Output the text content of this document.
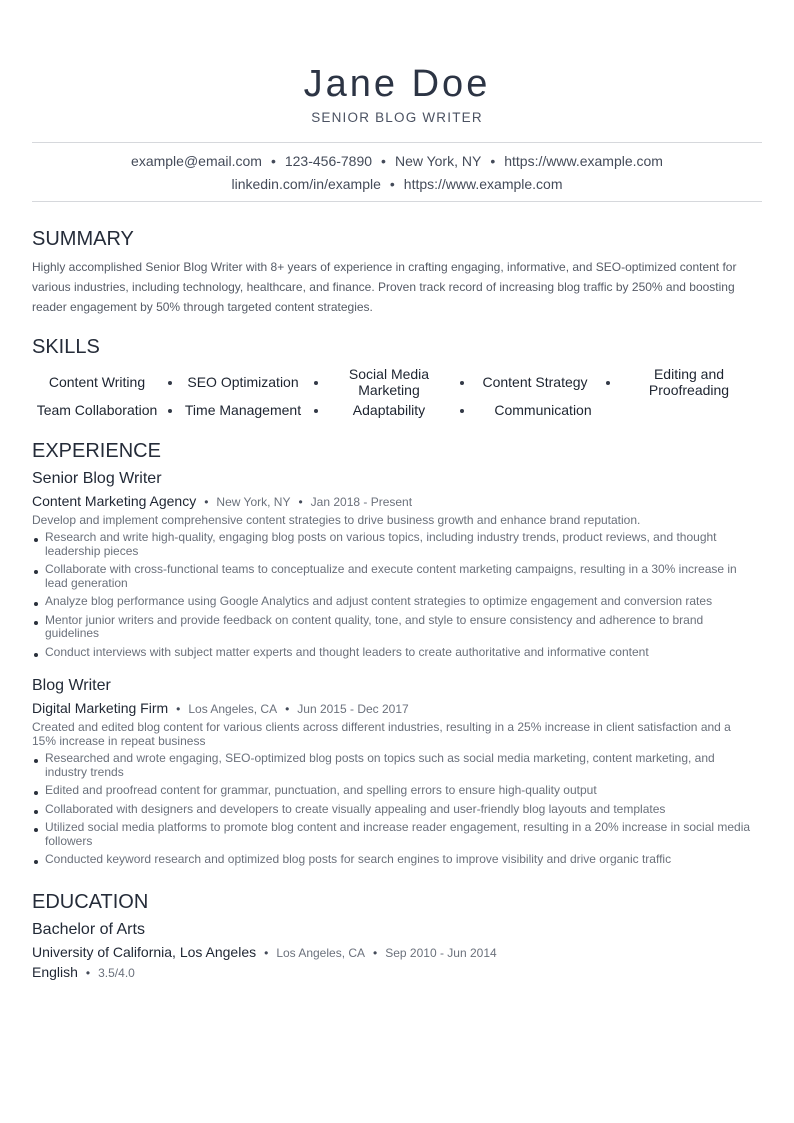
Jane Doe
SENIOR BLOG WRITER
example@email.com • 123-456-7890 • New York, NY • https://www.example.com
linkedin.com/in/example • https://www.example.com
SUMMARY
Highly accomplished Senior Blog Writer with 8+ years of experience in crafting engaging, informative, and SEO-optimized content for various industries, including technology, healthcare, and finance. Proven track record of increasing blog traffic by 250% and boosting reader engagement by 50% through targeted content strategies.
SKILLS
Content Writing	SEO Optimization	Social Media Marketing	Content Strategy	Editing and Proofreading
Team Collaboration	Time Management	Adaptability	Communication
EXPERIENCE
Senior Blog Writer
Content Marketing Agency • New York, NY • Jan 2018 - Present
Develop and implement comprehensive content strategies to drive business growth and enhance brand reputation.
Research and write high-quality, engaging blog posts on various topics, including industry trends, product reviews, and thought leadership pieces
Collaborate with cross-functional teams to conceptualize and execute content marketing campaigns, resulting in a 30% increase in lead generation
Analyze blog performance using Google Analytics and adjust content strategies to optimize engagement and conversion rates
Mentor junior writers and provide feedback on content quality, tone, and style to ensure consistency and adherence to brand guidelines
Conduct interviews with subject matter experts and thought leaders to create authoritative and informative content
Blog Writer
Digital Marketing Firm • Los Angeles, CA • Jun 2015 - Dec 2017
Created and edited blog content for various clients across different industries, resulting in a 25% increase in client satisfaction and a 15% increase in repeat business
Researched and wrote engaging, SEO-optimized blog posts on topics such as social media marketing, content marketing, and industry trends
Edited and proofread content for grammar, punctuation, and spelling errors to ensure high-quality output
Collaborated with designers and developers to create visually appealing and user-friendly blog layouts and templates
Utilized social media platforms to promote blog content and increase reader engagement, resulting in a 20% increase in social media followers
Conducted keyword research and optimized blog posts for search engines to improve visibility and drive organic traffic
EDUCATION
Bachelor of Arts
University of California, Los Angeles • Los Angeles, CA • Sep 2010 - Jun 2014
English • 3.5/4.0
